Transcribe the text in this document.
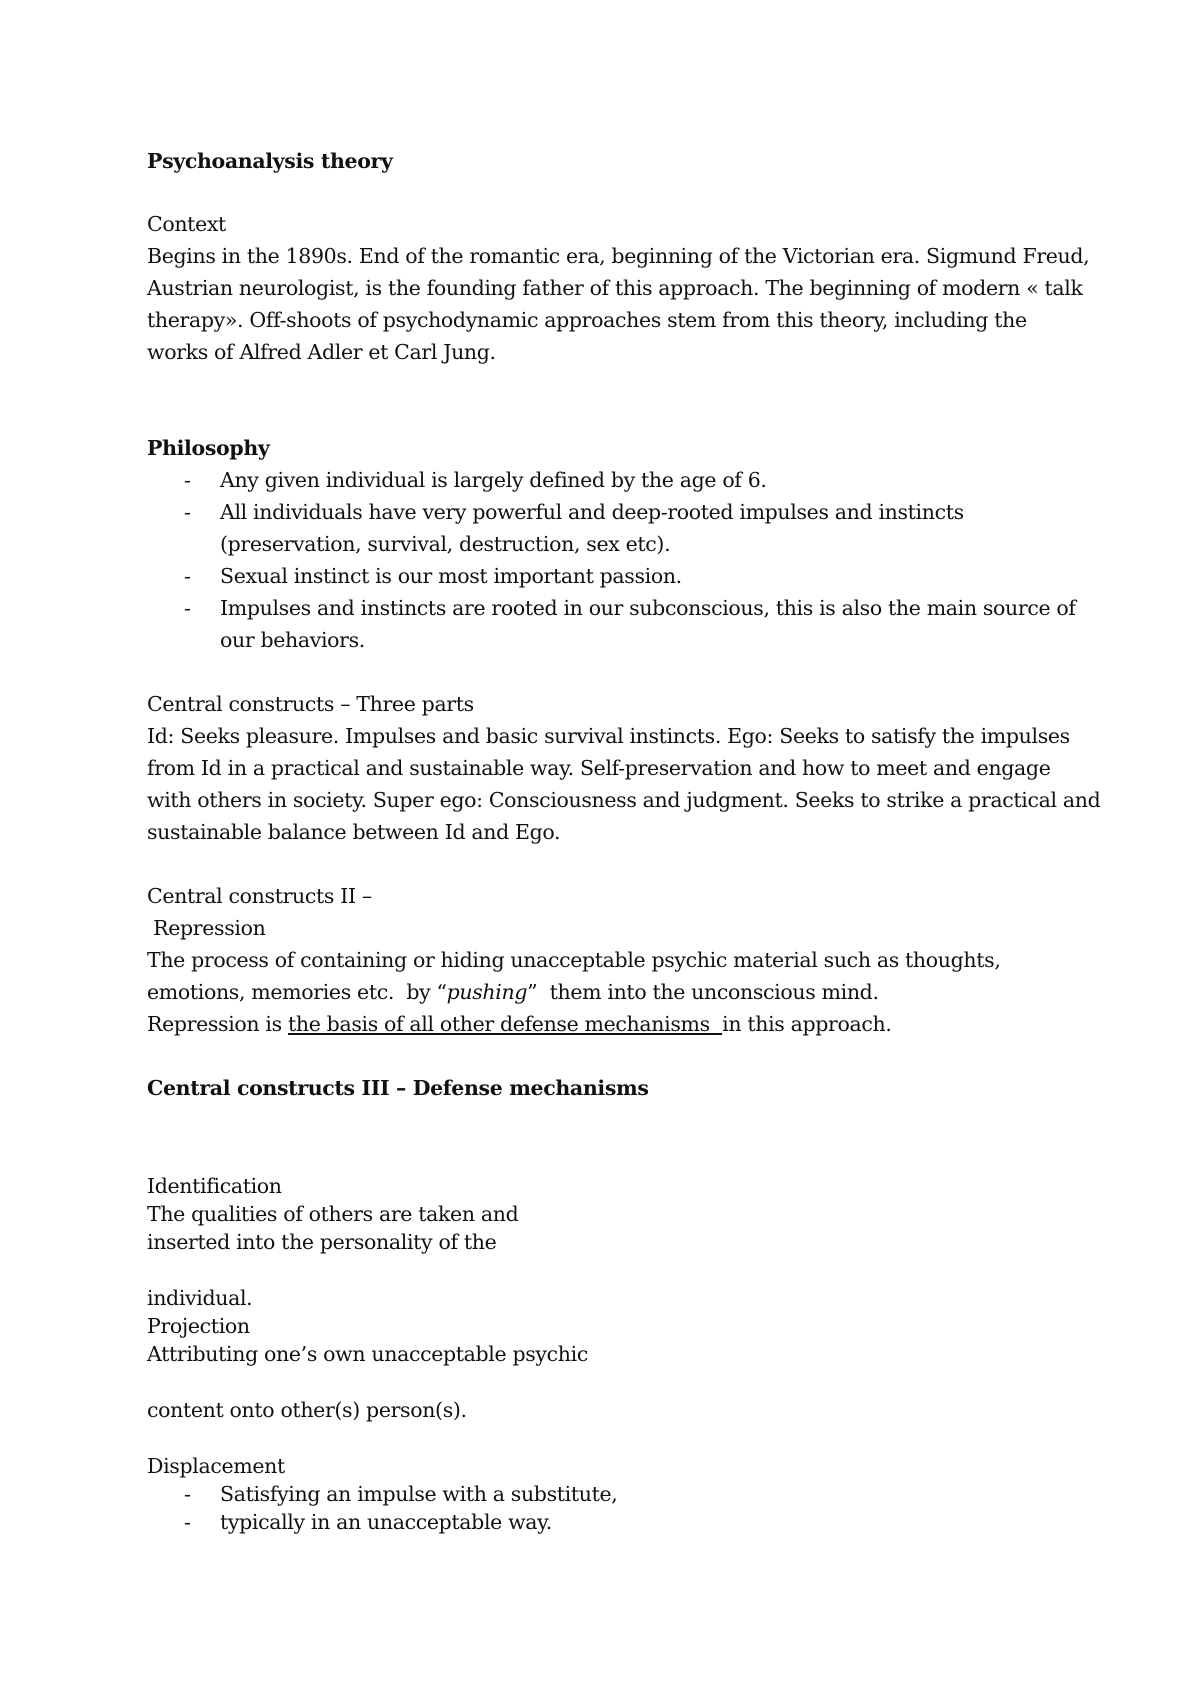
Psychoanalysis theory
Context
Begins in the 1890s. End of the romantic era, beginning of the Victorian era. Sigmund Freud,
Austrian neurologist, is the founding father of this approach. The beginning of modern « talk
therapy». Off-shoots of psychodynamic approaches stem from this theory, including the
works of Alfred Adler et Carl Jung.
Philosophy
- Any given individual is largely defined by the age of 6.
- All individuals have very powerful and deep-rooted impulses and instincts
(preservation, survival, destruction, sex etc).
- Sexual instinct is our most important passion.
- Impulses and instincts are rooted in our subconscious, this is also the main source of
our behaviors.
Central constructs – Three parts
Id: Seeks pleasure. Impulses and basic survival instincts. Ego: Seeks to satisfy the impulses
from Id in a practical and sustainable way. Self-preservation and how to meet and engage
with others in society. Super ego: Consciousness and judgment. Seeks to strike a practical and
sustainable balance between Id and Ego.
Central constructs II –
Repression
The process of containing or hiding unacceptable psychic material such as thoughts,
emotions, memories etc.  by “pushing”  them into the unconscious mind.
Repression is the basis of all other defense mechanisms  in this approach.
Central constructs III – Defense mechanisms
Identification
The qualities of others are taken and
inserted into the personality of the
individual.
Projection
Attributing one’s own unacceptable psychic
content onto other(s) person(s).
Displacement
- Satisfying an impulse with a substitute,
- typically in an unacceptable way.
